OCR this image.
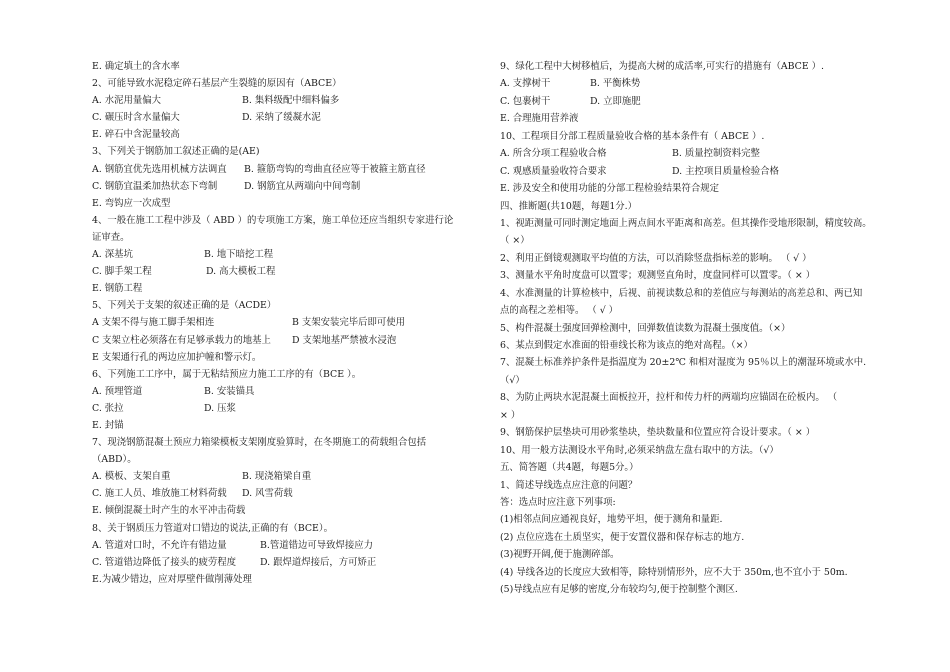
E. 确定填土的含水率
2、可能导致水泥稳定碎石基层产生裂缝的原因有（ABCE）
A. 水泥用量偏大	B. 集料级配中细料偏多
C. 碾压时含水量偏大	D. 采纳了缓凝水泥
E. 碎石中含泥量较高
3、下列关于钢筋加工叙述正确的是(AE)
A. 钢筋宜优先选用机械方法调直 B. 箍筋弯钩的弯曲直径应等于被箍主筋直径
C. 钢筋宜温柔加热状态下弯制	D. 钢筋宜从两端向中间弯制
E. 弯钩应一次成型
4、一般在施工工程中涉及（ ABD ）的专项施工方案，施工单位还应当组织专家进行论
证审查。
A. 深基坑	B. 地下暗挖工程
C. 脚手架工程	D. 高大模板工程
E. 钢筋工程
5、下列关于支架的叙述正确的是（ACDE）
A 支架不得与施工脚手架相连	B 支架安装完毕后即可使用
C 支架立柱必须落在有足够承载力的地基上 D 支架地基严禁被水浸泡
E 支架通行孔的两边应加护幢和警示灯。
6、下列施工工序中，属于无粘结预应力施工工序的有（BCE ）。
A. 预埋管道	B. 安装锚具
C. 张拉	D. 压浆
E. 封锚
7、现浇钢筋混凝土预应力箱梁模板支架刚度验算时，在冬期施工的荷载组合包括
（ABD）。
A. 模板、支架自重	B. 现浇箱梁自重
C. 施工人员、堆放施工材料荷载 D. 风雪荷载
E. 倾倒混凝土时产生的水平冲击荷载
8、关于钢质压力管道对口错边的说法,正确的有（BCE）。
A. 管道对口时，不允许有错边量	B.管道错边可导致焊接应力
C. 管道错边降低了接头的疲劳程度	D. 跟焊道焊接后，方可矫正
E.为减少错边，应对厚壁件做削薄处理
9、绿化工程中大树移植后，为提高大树的成活率,可实行的措施有（ABCE ）.
A. 支撑树干	B. 平衡株势
C. 包裹树干	D. 立即施肥
E. 合理施用营养液
10、工程项目分部工程质量验收合格的基本条件有（ ABCE ）.
A. 所含分项工程验收合格	B. 质量控制资料完整
C. 观感质量验收符合要求	D. 主控项目质量检验合格
E. 涉及安全和使用功能的分部工程检验结果符合规定
四、推断题(共10题，每题1分.）
1、视距测量可同时测定地面上两点间水平距离和高差。但其操作受地形限制，精度较高。
（ ×）
2、利用正倒镜观测取平均值的方法，可以消除竖盘指标差的影响。 （ √ ）
3、测量水平角时度盘可以置零；观测竖直角时，度盘同样可以置零。（ × ）
4、水准测量的计算检核中，后视、前视读数总和的差值应与每测站的高差总和、两已知
点的高程之差相等。 （ √ ）
5、构件混凝土强度回弹检测中，回弹数值读数为混凝土强度值。（×）
6、某点到假定水准面的铅垂线长称为该点的绝对高程。（×）
7、混凝土标准养护条件是指温度为 20±2℃ 和相对湿度为 95％以上的潮湿环境或水中.
（√）
8、为防止两块水泥混凝土面板拉开，拉杆和传力杆的两端均应锚固在砼板内。 （
× ）
9、钢筋保护层垫块可用砂浆垫块，垫块数量和位置应符合设计要求。（ × ）
10、用一般方法测设水平角时,必须采纳盘左盘右取中的方法。（√）
五、简答题（共4题，每题5分。）
1、简述导线选点应注意的问题？
答：选点时应注意下列事项:
(1)相邻点间应通视良好，地势平坦，便于测角和量距.
(2) 点位应选在土质坚实，便于安置仪器和保存标志的地方.
(3)视野开阔,便于施测碎部。
(4) 导线各边的长度应大致相等，除特别情形外，应不大于 350m,也不宜小于 50m.
(5)导线点应有足够的密度,分布较均匀,便于控制整个测区.
